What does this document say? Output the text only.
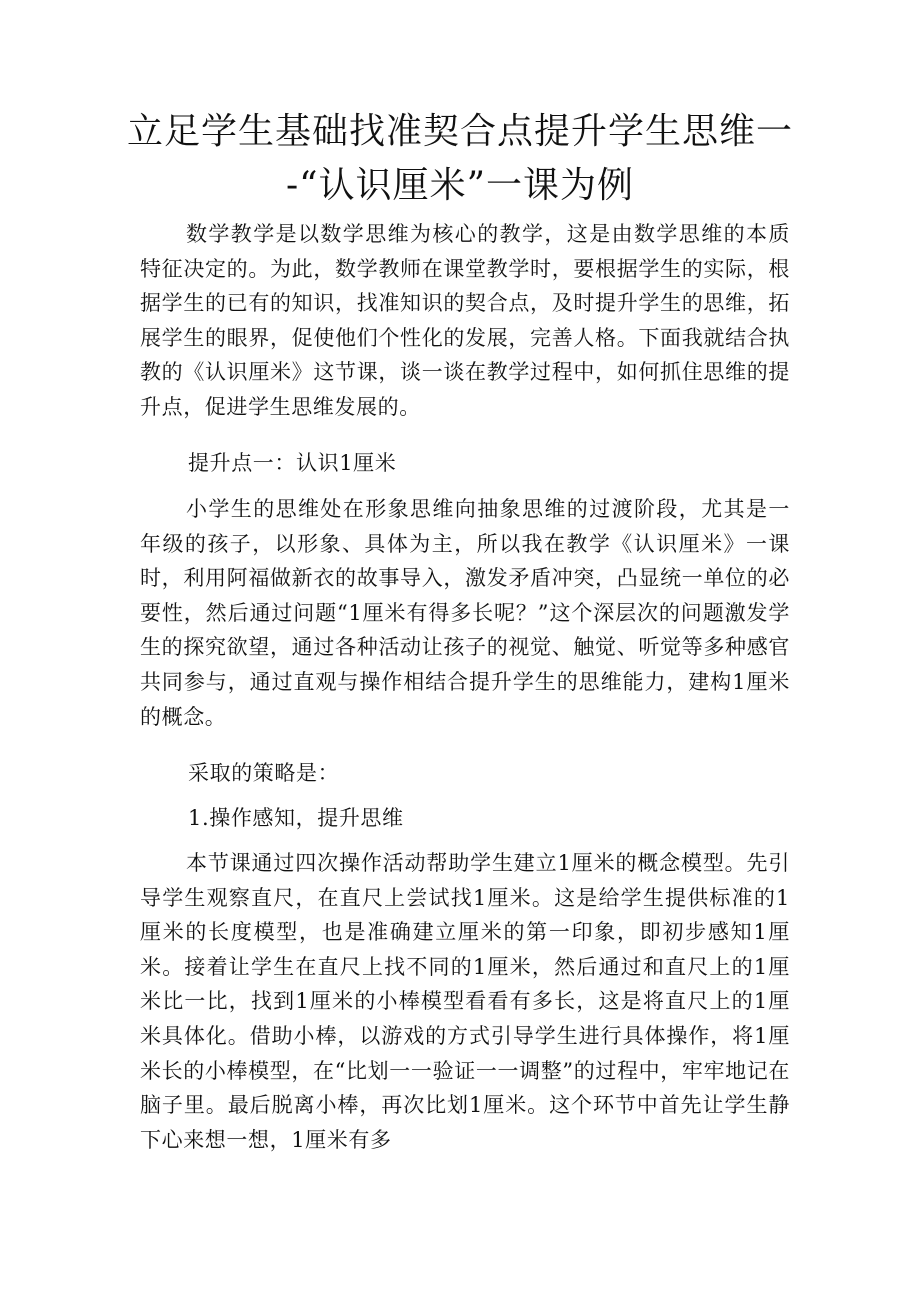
立足学生基础找准契合点提升学生思维一
-“认识厘米”一课为例
数学教学是以数学思维为核心的教学，这是由数学思维的本质特征决定的。为此，数学教师在课堂教学时，要根据学生的实际，根据学生的已有的知识，找准知识的契合点，及时提升学生的思维，拓展学生的眼界，促使他们个性化的发展，完善人格。下面我就结合执教的《认识厘米》这节课，谈一谈在教学过程中，如何抓住思维的提升点，促进学生思维发展的。
提升点一：认识1厘米
小学生的思维处在形象思维向抽象思维的过渡阶段，尤其是一年级的孩子，以形象、具体为主，所以我在教学《认识厘米》一课时，利用阿福做新衣的故事导入，激发矛盾冲突，凸显统一单位的必要性，然后通过问题“1厘米有得多长呢？”这个深层次的问题激发学生的探究欲望，通过各种活动让孩子的视觉、触觉、听觉等多种感官共同参与，通过直观与操作相结合提升学生的思维能力，建构1厘米的概念。
采取的策略是：
1.操作感知，提升思维
本节课通过四次操作活动帮助学生建立1厘米的概念模型。先引导学生观察直尺，在直尺上尝试找1厘米。这是给学生提供标准的1厘米的长度模型，也是准确建立厘米的第一印象，即初步感知1厘米。接着让学生在直尺上找不同的1厘米，然后通过和直尺上的1厘米比一比，找到1厘米的小棒模型看看有多长，这是将直尺上的1厘米具体化。借助小棒，以游戏的方式引导学生进行具体操作，将1厘米长的小棒模型，在“比划一一验证一一调整”的过程中，牢牢地记在脑子里。最后脱离小棒，再次比划1厘米。这个环节中首先让学生静下心来想一想，1厘米有多
